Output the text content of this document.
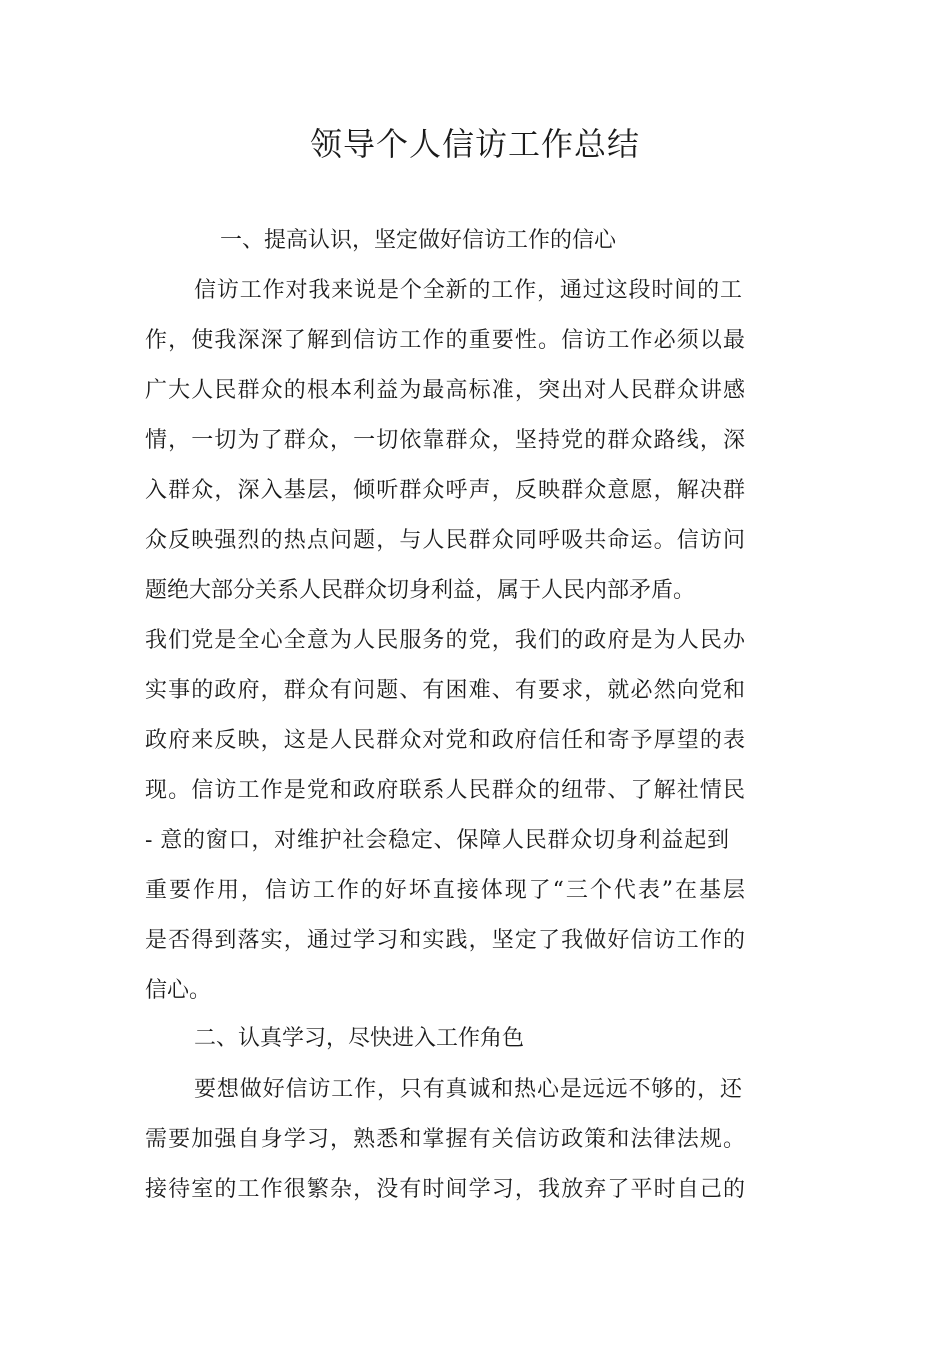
领导个人信访工作总结

一、提高认识，坚定做好信访工作的信心

信访工作对我来说是个全新的工作，通过这段时间的工

作，使我深深了解到信访工作的重要性。信访工作必须以最

广大人民群众的根本利益为最高标准，突出对人民群众讲感

情，一切为了群众，一切依靠群众，坚持党的群众路线，深

入群众，深入基层，倾听群众呼声，反映群众意愿，解决群

众反映强烈的热点问题，与人民群众同呼吸共命运。信访问

题绝大部分关系人民群众切身利益，属于人民内部矛盾。

我们党是全心全意为人民服务的党，我们的政府是为人民办

实事的政府，群众有问题、有困难、有要求，就必然向党和

政府来反映，这是人民群众对党和政府信任和寄予厚望的表

现。信访工作是党和政府联系人民群众的纽带、了解社情民

- 意的窗口，对维护社会稳定、保障人民群众切身利益起到

重要作用，信访工作的好坏直接体现了“三个代表”在基层

是否得到落实，通过学习和实践，坚定了我做好信访工作的

信心。

二、认真学习，尽快进入工作角色

要想做好信访工作，只有真诚和热心是远远不够的，还

需要加强自身学习，熟悉和掌握有关信访政策和法律法规。

接待室的工作很繁杂，没有时间学习，我放弃了平时自己的
